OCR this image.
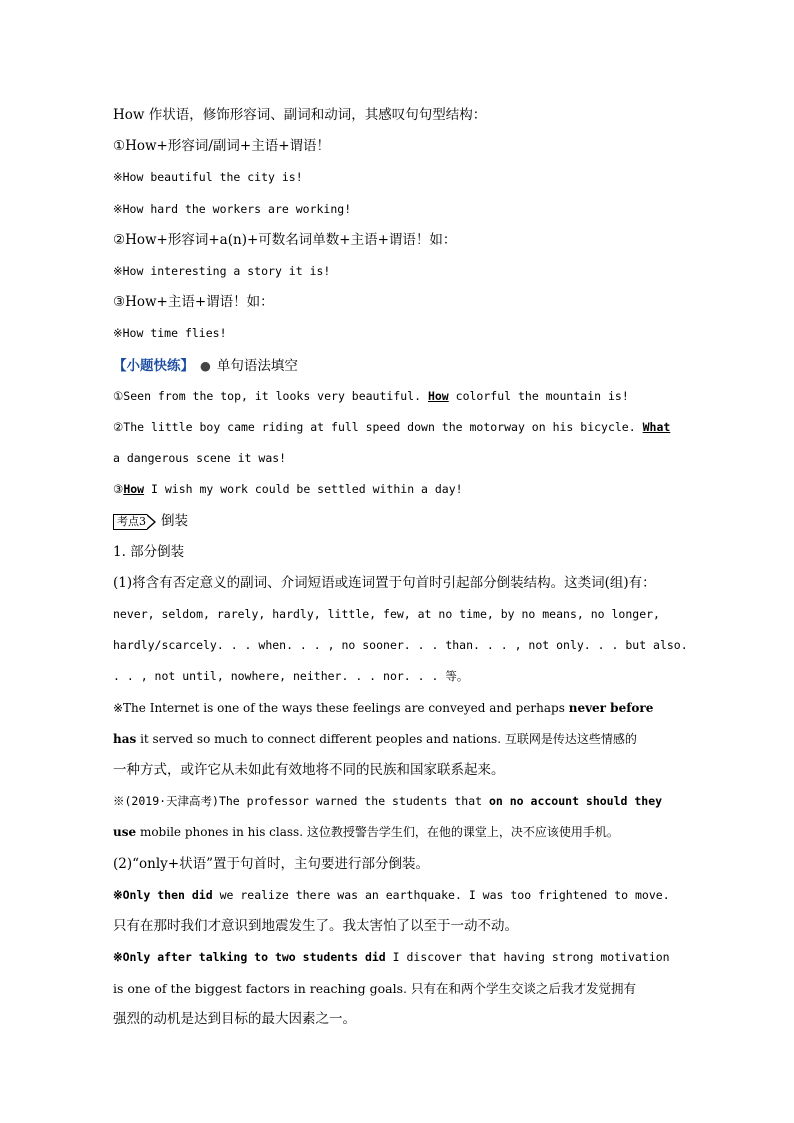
How 作状语，修饰形容词、副词和动词，其感叹句句型结构：
①How+形容词/副词+主语+谓语！
※How beautiful the city is!
※How hard the workers are working!
②How+形容词+a(n)+可数名词单数+主语+谓语！如：
※How interesting a story it is!
③How+主语+谓语！如：
※How time flies!
【小题快练】 ● 单句语法填空
①Seen from the top, it looks very beautiful. How colorful the mountain is!
②The little boy came riding at full speed down the motorway on his bicycle. What
a dangerous scene it was!
③How I wish my work could be settled within a day!
考点3 倒装
1. 部分倒装
(1)将含有否定意义的副词、介词短语或连词置于句首时引起部分倒装结构。这类词(组)有：
never, seldom, rarely, hardly, little, few, at no time, by no means, no longer,
hardly/scarcely. . . when. . . , no sooner. . . than. . . , not only. . . but also.
. . , not until, nowhere, neither. . . nor. . . 等。
※The Internet is one of the ways these feelings are conveyed and perhaps never before
has it served so much to connect different peoples and nations. 互联网是传达这些情感的
一种方式，或许它从未如此有效地将不同的民族和国家联系起来。
※(2019·天津高考)The professor warned the students that on no account should they
use mobile phones in his class. 这位教授警告学生们，在他的课堂上，决不应该使用手机。
(2)“only+状语”置于句首时，主句要进行部分倒装。
※Only then did we realize there was an earthquake. I was too frightened to move.
只有在那时我们才意识到地震发生了。我太害怕了以至于一动不动。
※Only after talking to two students did I discover that having strong motivation
is one of the biggest factors in reaching goals. 只有在和两个学生交谈之后我才发觉拥有
强烈的动机是达到目标的最大因素之一。
